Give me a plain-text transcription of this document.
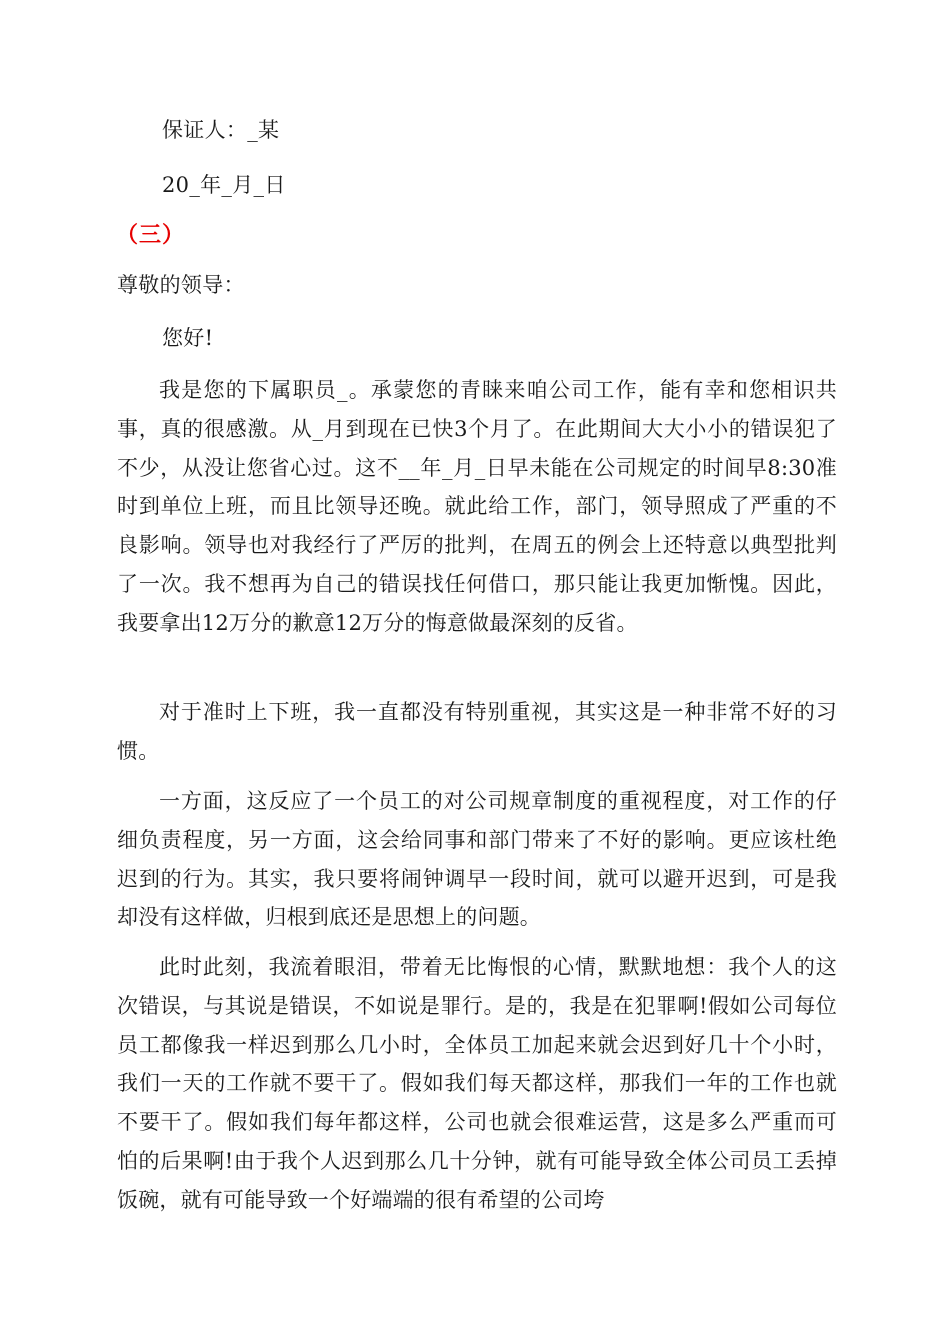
保证人：_某
20_年_月_日
（三）
尊敬的领导：
您好!

我是您的下属职员_。承蒙您的青睐来咱公司工作，能有幸和您相识共事，真的很感激。从_月到现在已快3个月了。在此期间大大小小的错误犯了不少，从没让您省心过。这不__年_月_日早未能在公司规定的时间早8:30准时到单位上班，而且比领导还晚。就此给工作，部门，领导照成了严重的不良影响。领导也对我经行了严厉的批判，在周五的例会上还特意以典型批判了一次。我不想再为自己的错误找任何借口，那只能让我更加惭愧。因此，我要拿出12万分的歉意12万分的悔意做最深刻的反省。

对于准时上下班，我一直都没有特别重视，其实这是一种非常不好的习惯。

一方面，这反应了一个员工的对公司规章制度的重视程度，对工作的仔细负责程度，另一方面，这会给同事和部门带来了不好的影响。更应该杜绝迟到的行为。其实，我只要将闹钟调早一段时间，就可以避开迟到，可是我却没有这样做，归根到底还是思想上的问题。

此时此刻，我流着眼泪，带着无比悔恨的心情，默默地想：我个人的这次错误，与其说是错误，不如说是罪行。是的，我是在犯罪啊!假如公司每位员工都像我一样迟到那么几小时，全体员工加起来就会迟到好几十个小时，我们一天的工作就不要干了。假如我们每天都这样，那我们一年的工作也就不要干了。假如我们每年都这样，公司也就会很难运营，这是多么严重而可怕的后果啊!由于我个人迟到那么几十分钟，就有可能导致全体公司员工丢掉饭碗，就有可能导致一个好端端的很有希望的公司垮
